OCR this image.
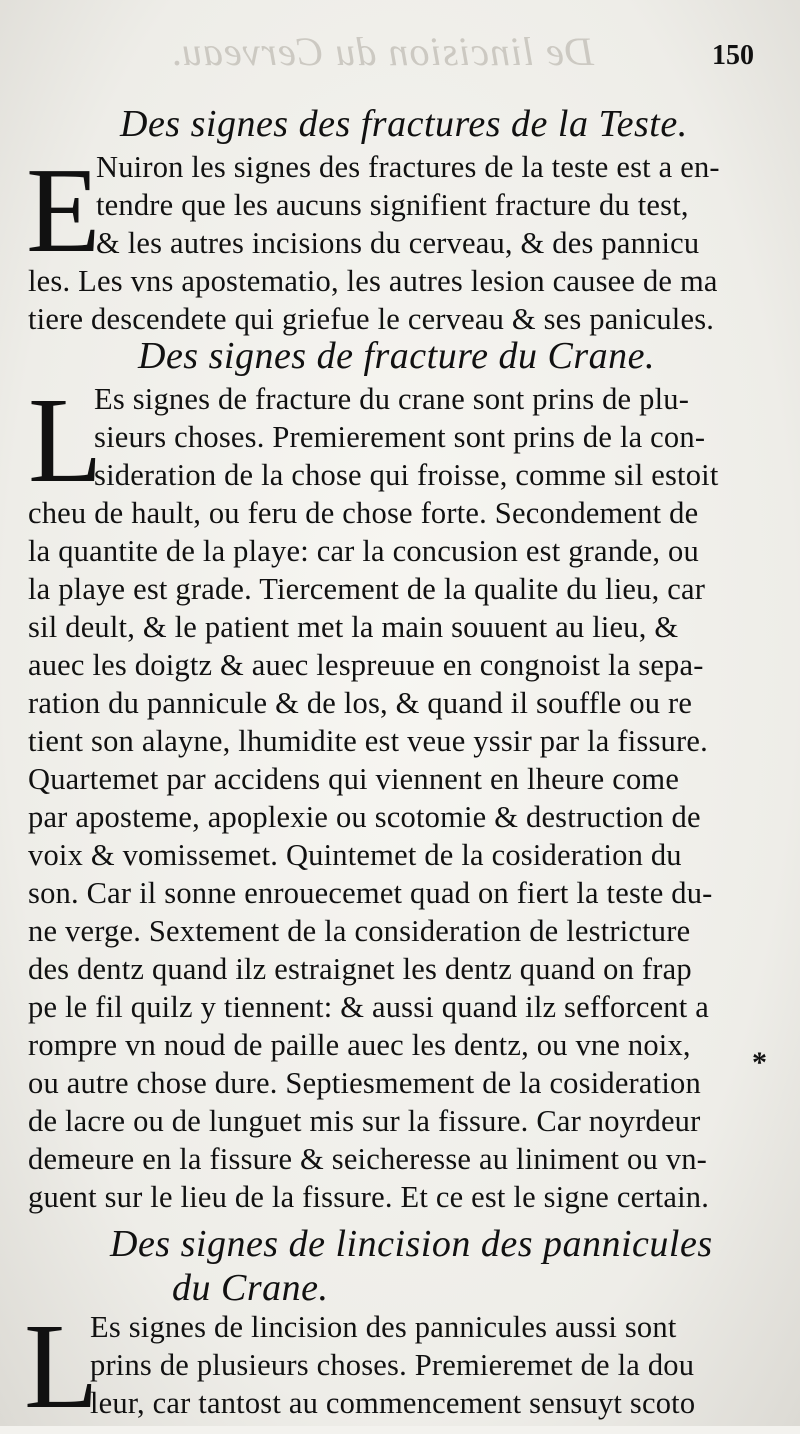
De lincision du Cerveau.	150
Des signes des fractures de la Teste.
E
Nuiron les signes des fractures de la teste est a en-
tendre que les aucuns signifient fracture du test,
& les autres incisions du cerveau, & des pannicu
les. Les vns apostematio, les autres lesion causee de ma
tiere descendete qui griefue le cerveau & ses panicules.
Des signes de fracture du Crane.
L
Es signes de fracture du crane sont prins de plu-
sieurs choses. Premierement sont prins de la con-
sideration de la chose qui froisse, comme sil estoit
cheu de hault, ou feru de chose forte. Secondement de
la quantite de la playe: car la concusion est grande, ou
la playe est grade. Tiercement de la qualite du lieu, car
sil deult, & le patient met la main souuent au lieu, &
auec les doigtz & auec lespreuue en congnoist la sepa-
ration du pannicule & de los, & quand il souffle ou re
tient son alayne, lhumidite est veue yssir par la fissure.
Quartemet par accidens qui viennent en lheure come
par aposteme, apoplexie ou scotomie & destruction de
voix & vomissemet. Quintemet de la cosideration du
son. Car il sonne enrouecemet quad on fiert la teste du-
ne verge. Sextement de la consideration de lestricture
des dentz quand ilz estraignet les dentz quand on frap
pe le fil quilz y tiennent: & aussi quand ilz sefforcent a
rompre vn noud de paille auec les dentz, ou vne noix,
ou autre chose dure. Septiesmement de la cosideration
de lacre ou de lunguet mis sur la fissure. Car noyrdeur
demeure en la fissure & seicheresse au liniment ou vn-
guent sur le lieu de la fissure. Et ce est le signe certain.
*
Des signes de lincision des pannicules
du Crane.
L
Es signes de lincision des pannicules aussi sont
prins de plusieurs choses. Premieremet de la dou
leur, car tantost au commencement sensuyt scoto
